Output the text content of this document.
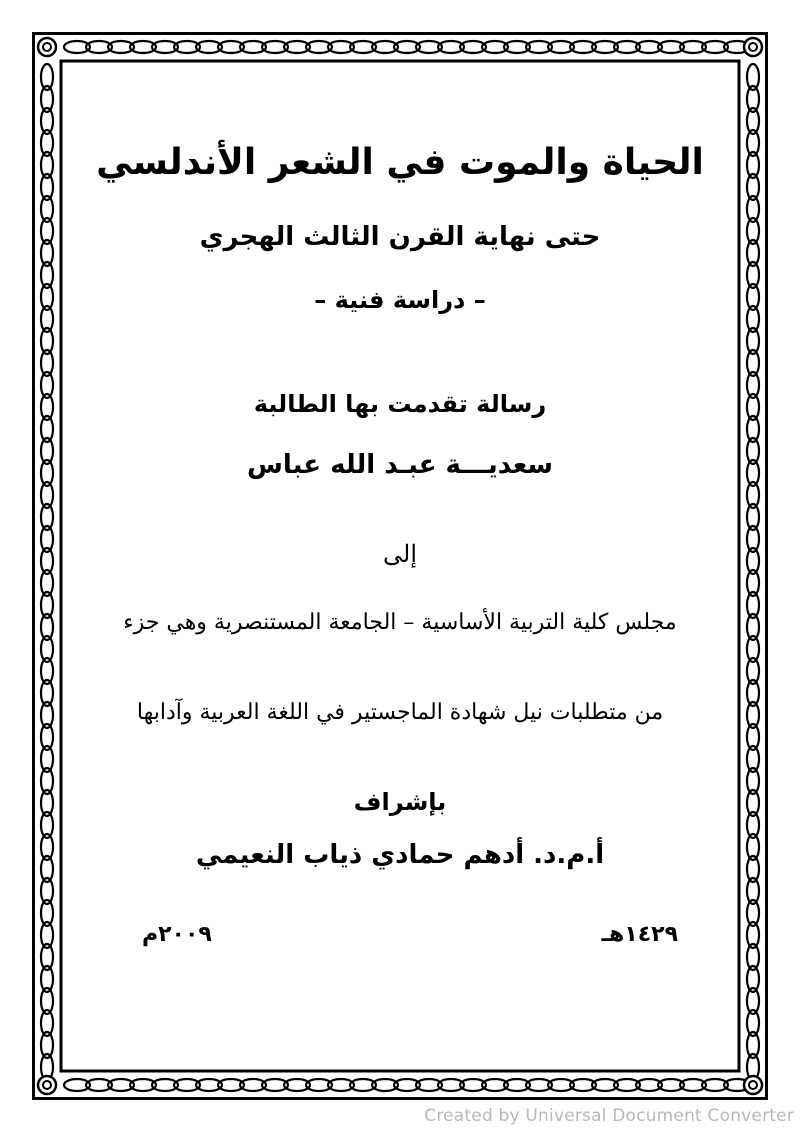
الحياة والموت في الشعر الأندلسي
حتى نهاية القرن الثالث الهجري
– دراسة فنية –
رسالة تقدمت بها الطالبة
سعديـــة عبـد الله عباس
إلى
مجلس كلية التربية الأساسية – الجامعة المستنصرية وهي جزء
من متطلبات نيل شهادة الماجستير في اللغة العربية وآدابها
بإشراف
أ.م.د. أدهم حمادي ذياب النعيمي
١٤٢٩هـ
٢٠٠٩م
Created by Universal Document Converter
